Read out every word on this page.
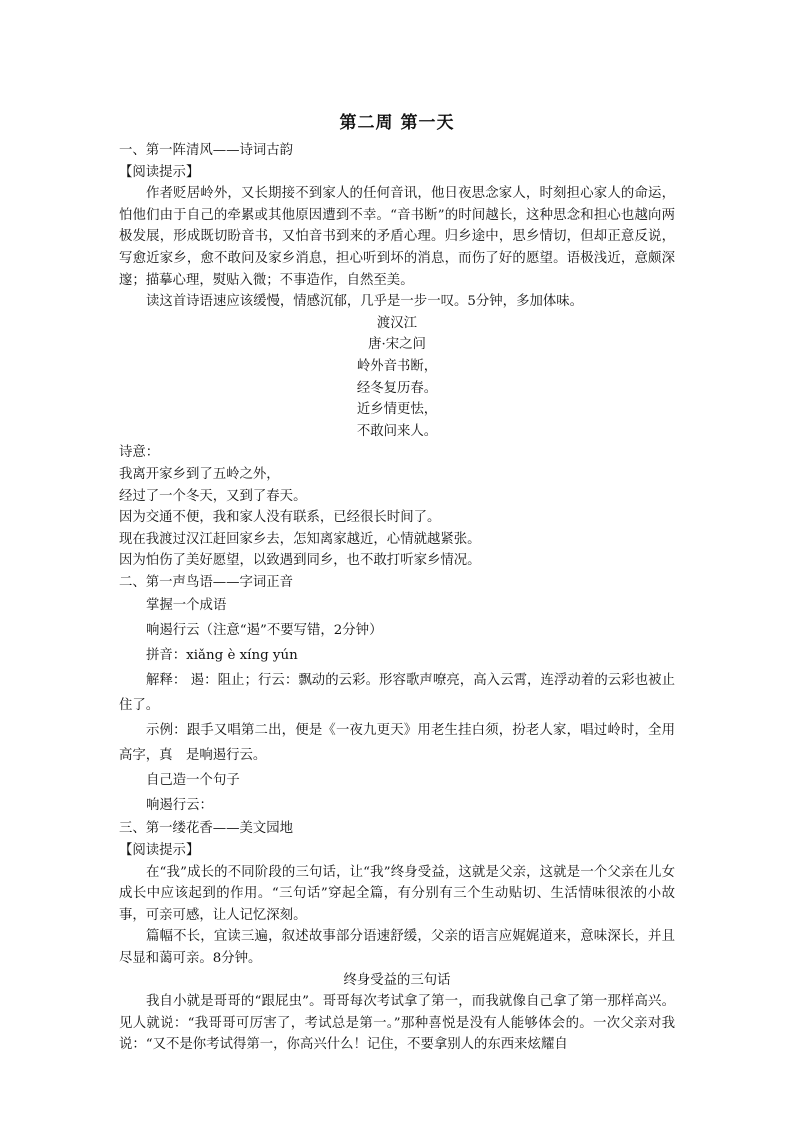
第二周 第一天
一、第一阵清风——诗词古韵
【阅读提示】

作者贬居岭外，又长期接不到家人的任何音讯，他日夜思念家人，时刻担心家人的命运，怕他们由于自己的牵累或其他原因遭到不幸。“音书断”的时间越长，这种思念和担心也越向两极发展，形成既切盼音书，又怕音书到来的矛盾心理。归乡途中，思乡情切，但却正意反说，写愈近家乡，愈不敢问及家乡消息，担心听到坏的消息，而伤了好的愿望。语极浅近，意颇深邃；描摹心理，熨贴入微；不事造作，自然至美。

读这首诗语速应该缓慢，情感沉郁，几乎是一步一叹。5分钟，多加体味。

渡汉江
唐·宋之问
岭外音书断，
经冬复历春。
近乡情更怯，
不敢问来人。
诗意：
我离开家乡到了五岭之外，
经过了一个冬天，又到了春天。
因为交通不便，我和家人没有联系，已经很长时间了。
现在我渡过汉江赶回家乡去，怎知离家越近，心情就越紧张。
因为怕伤了美好愿望，以致遇到同乡，也不敢打听家乡情况。
二、第一声鸟语——字词正音
掌握一个成语
响遏行云（注意“遏”不要写错，2分钟）
拼音：xiǎng è xíng yún

解释： 遏：阻止；行云：飘动的云彩。形容歌声嘹亮，高入云霄，连浮动着的云彩也被止住了。

示例：跟手又唱第二出，便是《一夜九更天》用老生挂白须，扮老人家，唱过岭时，全用高字，真　是响遏行云。

自己造一个句子
响遏行云：
三、第一缕花香——美文园地
【阅读提示】

在“我”成长的不同阶段的三句话，让“我”终身受益，这就是父亲，这就是一个父亲在儿女成长中应该起到的作用。“三句话”穿起全篇，有分别有三个生动贴切、生活情味很浓的小故事，可亲可感，让人记忆深刻。

篇幅不长，宜读三遍，叙述故事部分语速舒缓，父亲的语言应娓娓道来，意味深长，并且尽显和蔼可亲。8分钟。

终身受益的三句话

我自小就是哥哥的“跟屁虫”。哥哥每次考试拿了第一，而我就像自己拿了第一那样高兴。见人就说：“我哥哥可厉害了，考试总是第一。”那种喜悦是没有人能够体会的。一次父亲对我说：“又不是你考试得第一，你高兴什么！记住，不要拿别人的东西来炫耀自
